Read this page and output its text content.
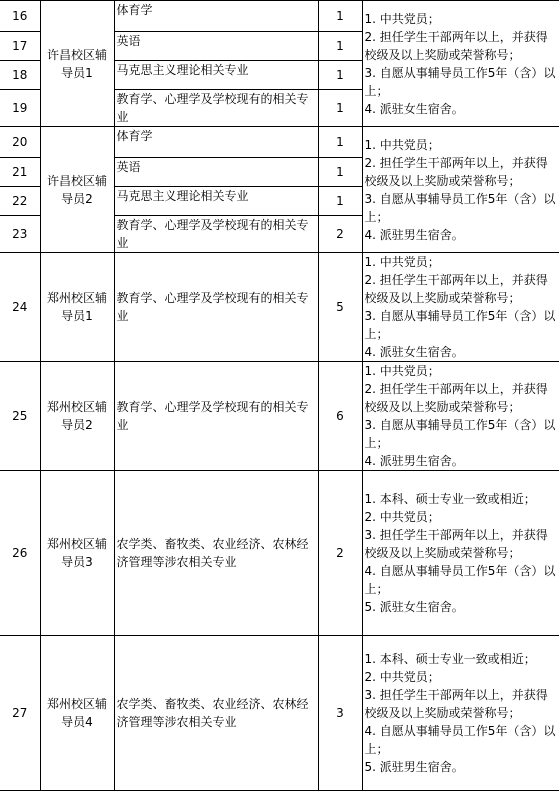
16	许昌校区辅导员1	体育学	1	1. 中共党员；
2. 担任学生干部两年以上，并获得校级及以上奖励或荣誉称号；
3. 自愿从事辅导员工作5年（含）以上；
4. 派驻女生宿舍。

17		英语	1	
18		马克思主义理论相关专业	1	
19		教育学、心理学及学校现有的相关专业	1	
20	许昌校区辅导员2	体育学	1	1. 中共党员；
2. 担任学生干部两年以上，并获得校级及以上奖励或荣誉称号；
3. 自愿从事辅导员工作5年（含）以上；
4. 派驻男生宿舍。

21		英语	1	
22		马克思主义理论相关专业	1	
23		教育学、心理学及学校现有的相关专业	2	
24	郑州校区辅导员1	教育学、心理学及学校现有的相关专业	5	1. 中共党员；
2. 担任学生干部两年以上，并获得校级及以上奖励或荣誉称号；
3. 自愿从事辅导员工作5年（含）以上；
4. 派驻女生宿舍。

25	郑州校区辅导员2	教育学、心理学及学校现有的相关专业	6	1. 中共党员；
2. 担任学生干部两年以上，并获得校级及以上奖励或荣誉称号；
3. 自愿从事辅导员工作5年（含）以上；
4. 派驻男生宿舍。

26	郑州校区辅导员3	农学类、畜牧类、农业经济、农林经济管理等涉农相关专业	2	1. 本科、硕士专业一致或相近；
2. 中共党员；
3. 担任学生干部两年以上，并获得校级及以上奖励或荣誉称号；
4. 自愿从事辅导员工作5年（含）以上；
5. 派驻女生宿舍。

27	郑州校区辅导员4	农学类、畜牧类、农业经济、农林经济管理等涉农相关专业	3	1. 本科、硕士专业一致或相近；
2. 中共党员；
3. 担任学生干部两年以上，并获得校级及以上奖励或荣誉称号；
4. 自愿从事辅导员工作5年（含）以上；
5. 派驻男生宿舍。
